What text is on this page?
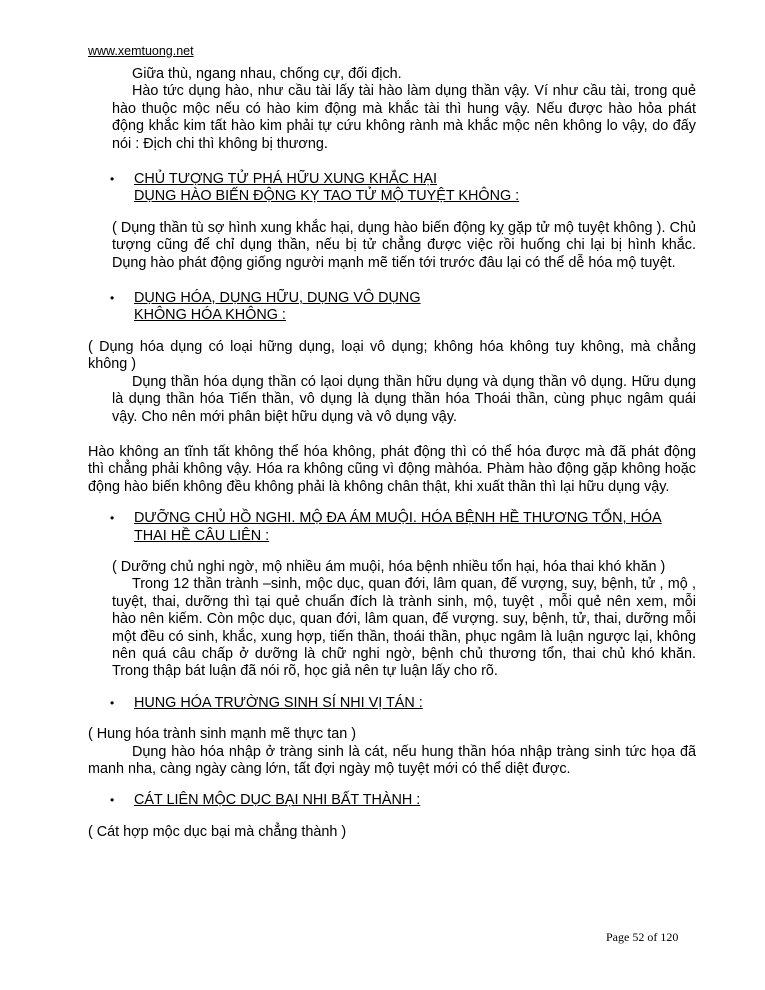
www.xemtuong.net

Giữa thù, ngang nhau, chống cự, đối địch.

Hào tức dụng hào, như cầu tài lấy tài hào làm dụng thần vậy. Ví như cầu tài, trong quẻ hào thuộc mộc nếu có hào kim động mà khắc tài thì hung vậy. Nếu được hào hỏa phát động khắc kim tất hào kim phải tự cứu không rành mà khắc mộc nên không lo vậy, do đấy nói : Địch chi thì không bị thương.

•	CHỦ TƯỢNG TỬ PHÁ HỮU XUNG KHẮC HẠI
DỤNG HÀO BIẾN ĐỘNG KỴ TAO TỬ MỘ TUYỆT KHÔNG :

( Dụng thần tù sợ hình xung khắc hại, dụng hào biến động kỵ gặp tử mộ tuyệt không ). Chủ tượng cũng để chỉ dụng thần, nếu bị tử chẳng được việc rồi huống chi lại bị hình khắc. Dụng hào phát động giống người mạnh mẽ tiến tới trước đâu lại có thể dễ hóa mộ tuyệt.

•	DỤNG HÓA, DỤNG HỮU, DỤNG VÔ DỤNG
KHÔNG HÓA KHÔNG :

( Dụng hóa dụng có loại hững dụng, loại vô dụng; không hóa không tuy không, mà chẳng không )

Dụng thần hóa dụng thần có lạoi dụng thần hữu dụng và dụng thần vô dụng. Hữu dụng là dụng thần hóa Tiến thần, vô dụng là dụng thần hóa Thoái thần, cùng phục ngâm quái vậy. Cho nên mới phân biệt hữu dụng và vô dụng vậy.

Hào không an tĩnh tất không thể hóa không, phát động thì có thể hóa được mà đã phát động thì chẳng phải không vậy. Hóa ra không cũng vì động màhóa. Phàm hào động gặp không hoặc động hào biến không đều không phải là không chân thật, khi xuất thần thì lại hữu dụng vậy.

•	DƯỠNG CHỦ HỒ NGHI. MỘ ĐA ÁM MUỘI. HÓA BỆNH HỀ THƯƠNG TỔN, HÓA
THAI HỀ CÂU LIÊN :

( Dưỡng chủ nghi ngờ, mộ nhiều ám muội, hóa bệnh nhiều tổn hại, hóa thai khó khăn )

Trong 12 thần trành –sinh, mộc dục, quan đới, lâm quan, đế vượng, suy, bệnh, tử , mộ , tuyệt, thai, dưỡng thì tại quẻ chuẩn đích là trành sinh, mộ, tuyệt , mỗi quẻ nên xem, mỗi hào nên kiếm. Còn mộc dục, quan đới, lâm quan, đế vượng. suy, bệnh, tử, thai, dưỡng mỗi một đều có sinh, khắc, xung hợp, tiến thần, thoái thần, phục ngâm là luận ngược lại, không nên quá câu chấp ở dưỡng là chữ nghi ngờ, bệnh chủ thương tổn, thai chủ khó khăn. Trong thập bát luận đã nói rõ, học giả nên tự luận lấy cho rõ.

•	HUNG HÓA TRƯỜNG SINH SÍ NHI VỊ TÁN :

( Hung hóa trành sinh mạnh mẽ thực tan )

Dụng hào hóa nhập ở tràng sinh là cát, nếu hung thần hóa nhập tràng sinh tức họa đã manh nha, càng ngày càng lớn, tất đợi ngày mộ tuyệt mới có thể diệt được.

•	CÁT LIÊN MỘC DỤC BẠI NHI BẤT THÀNH :

( Cát hợp mộc dục bại mà chẳng thành )

Page 52 of 120
